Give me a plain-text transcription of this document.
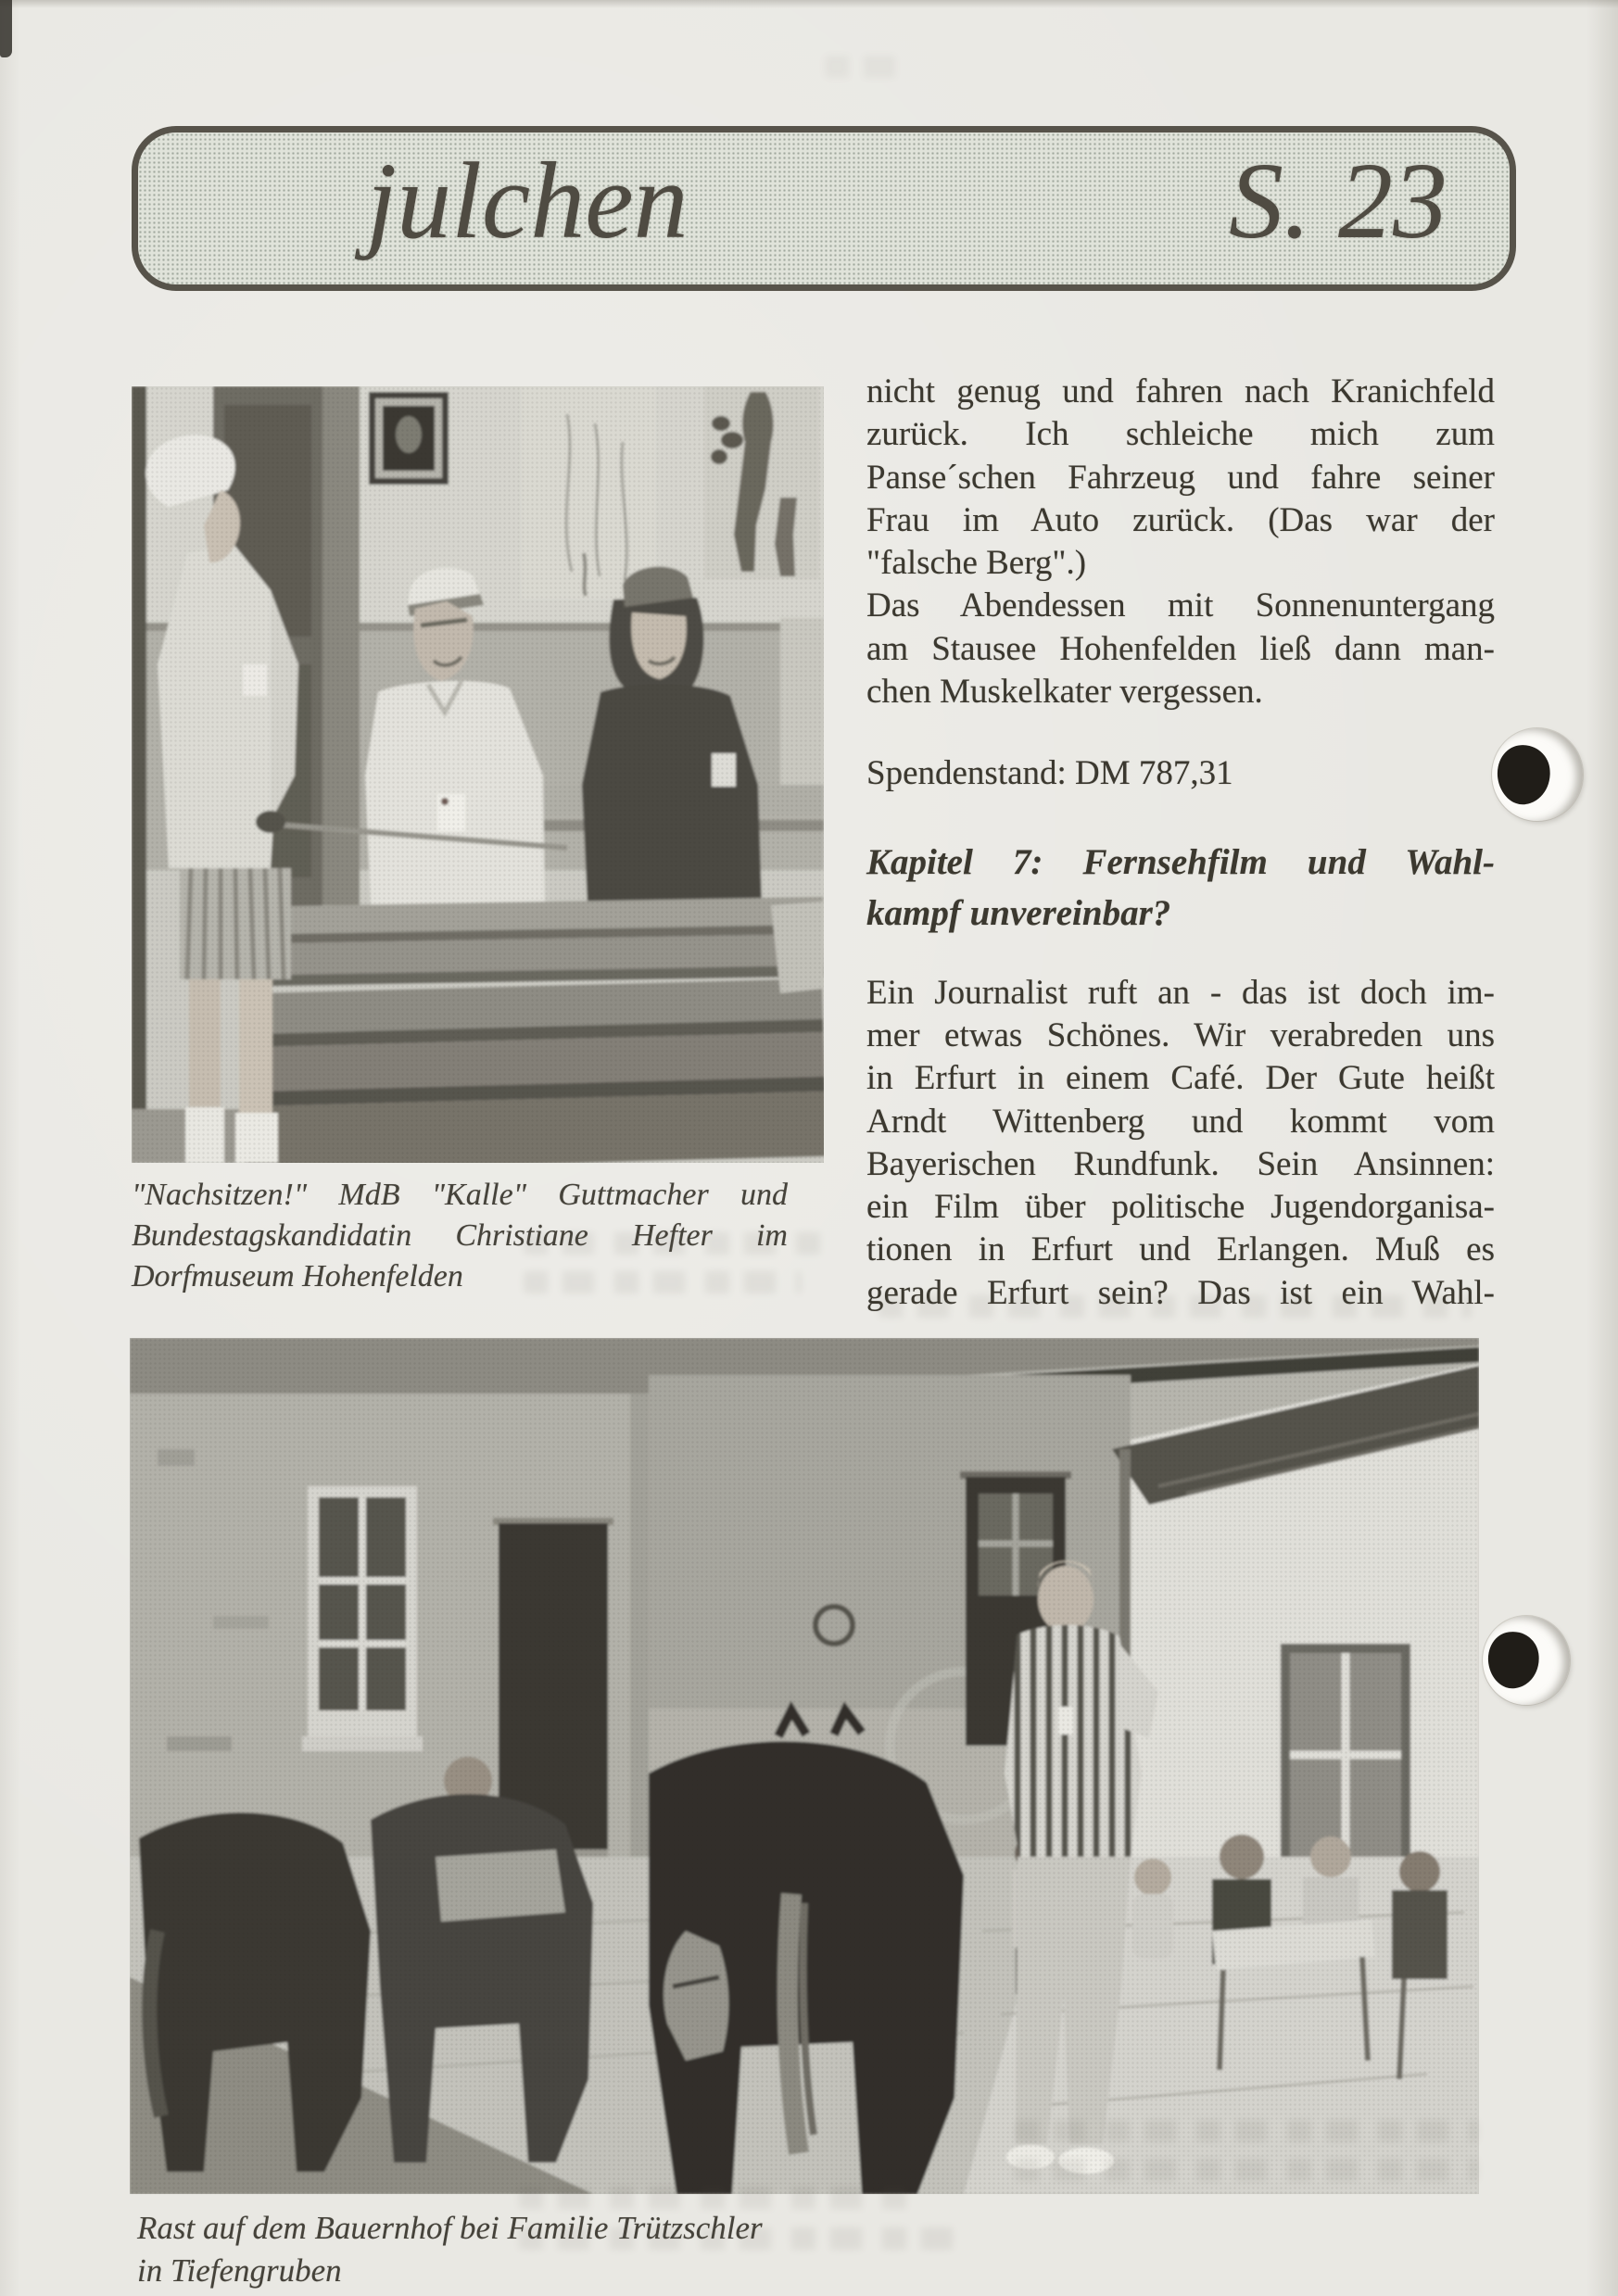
julchen	S. 23
"Nachsitzen!" MdB "Kalle" Guttmacher und
Bundestagskandidatin Christiane Hefter im
Dorfmuseum Hohenfelden

nicht genug und fahren nach Kranichfeld
zurück. Ich schleiche mich zum
Panse´schen Fahrzeug und fahre seiner
Frau im Auto zurück. (Das war der
"falsche Berg".)

Das Abendessen mit Sonnenuntergang
am Stausee Hohenfelden ließ dann man-
chen Muskelkater vergessen.

Spendenstand: DM 787,31

Kapitel 7: Fernsehfilm und Wahl-
kampf unvereinbar?

Ein Journalist ruft an - das ist doch im-
mer etwas Schönes. Wir verabreden uns
in Erfurt in einem Café. Der Gute heißt
Arndt Wittenberg und kommt vom
Bayerischen Rundfunk. Sein Ansinnen:
ein Film über politische Jugendorganisa-
tionen in Erfurt und Erlangen. Muß es
gerade Erfurt sein? Das ist ein Wahl-

Rast auf dem Bauernhof bei Familie Trützschler
in Tiefengruben
